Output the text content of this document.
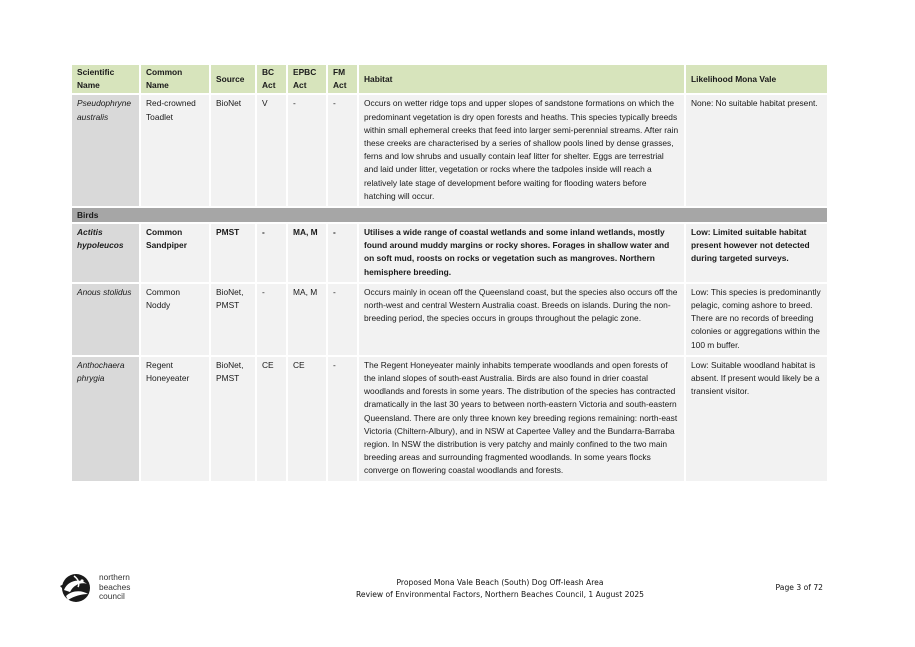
Scientific Name	Common Name	Source	BC Act	EPBC Act	FM Act	Habitat	Likelihood Mona Vale
Pseudophryne australis	Red-crowned Toadlet	BioNet	V	-	-	Occurs on wetter ridge tops and upper slopes of sandstone formations on which the predominant vegetation is dry open forests and heaths. This species typically breeds within small ephemeral creeks that feed into larger semi-perennial streams. After rain these creeks are characterised by a series of shallow pools lined by dense grasses, ferns and low shrubs and usually contain leaf litter for shelter. Eggs are terrestrial and laid under litter, vegetation or rocks where the tadpoles inside will reach a relatively late stage of development before waiting for flooding waters before hatching will occur.	None: No suitable habitat present.
Birds							
Actitis hypoleucos	Common Sandpiper	PMST	-	MA, M	-	Utilises a wide range of coastal wetlands and some inland wetlands, mostly found around muddy margins or rocky shores. Forages in shallow water and on soft mud, roosts on rocks or vegetation such as mangroves. Northern hemisphere breeding.	Low: Limited suitable habitat present however not detected during targeted surveys.
Anous stolidus	Common Noddy	BioNet, PMST	-	MA, M	-	Occurs mainly in ocean off the Queensland coast, but the species also occurs off the north-west and central Western Australia coast. Breeds on islands. During the non-breeding period, the species occurs in groups throughout the pelagic zone.	Low: This species is predominantly pelagic, coming ashore to breed. There are no records of breeding colonies or aggregations within the 100 m buffer.
Anthochaera phrygia	Regent Honeyeater	BioNet, PMST	CE	CE	-	The Regent Honeyeater mainly inhabits temperate woodlands and open forests of the inland slopes of south-east Australia. Birds are also found in drier coastal woodlands and forests in some years. The distribution of the species has contracted dramatically in the last 30 years to between north-eastern Victoria and south-eastern Queensland. There are only three known key breeding regions remaining: north-east Victoria (Chiltern-Albury), and in NSW at Capertee Valley and the Bundarra-Barraba region. In NSW the distribution is very patchy and mainly confined to the two main breeding areas and surrounding fragmented woodlands. In some years flocks converge on flowering coastal woodlands and forests.	Low: Suitable woodland habitat is absent. If present would likely be a transient visitor.
northern
beaches
council
Proposed Mona Vale Beach (South) Dog Off-leash Area
Review of Environmental Factors, Northern Beaches Council, 1 August 2025
Page 3 of 72
